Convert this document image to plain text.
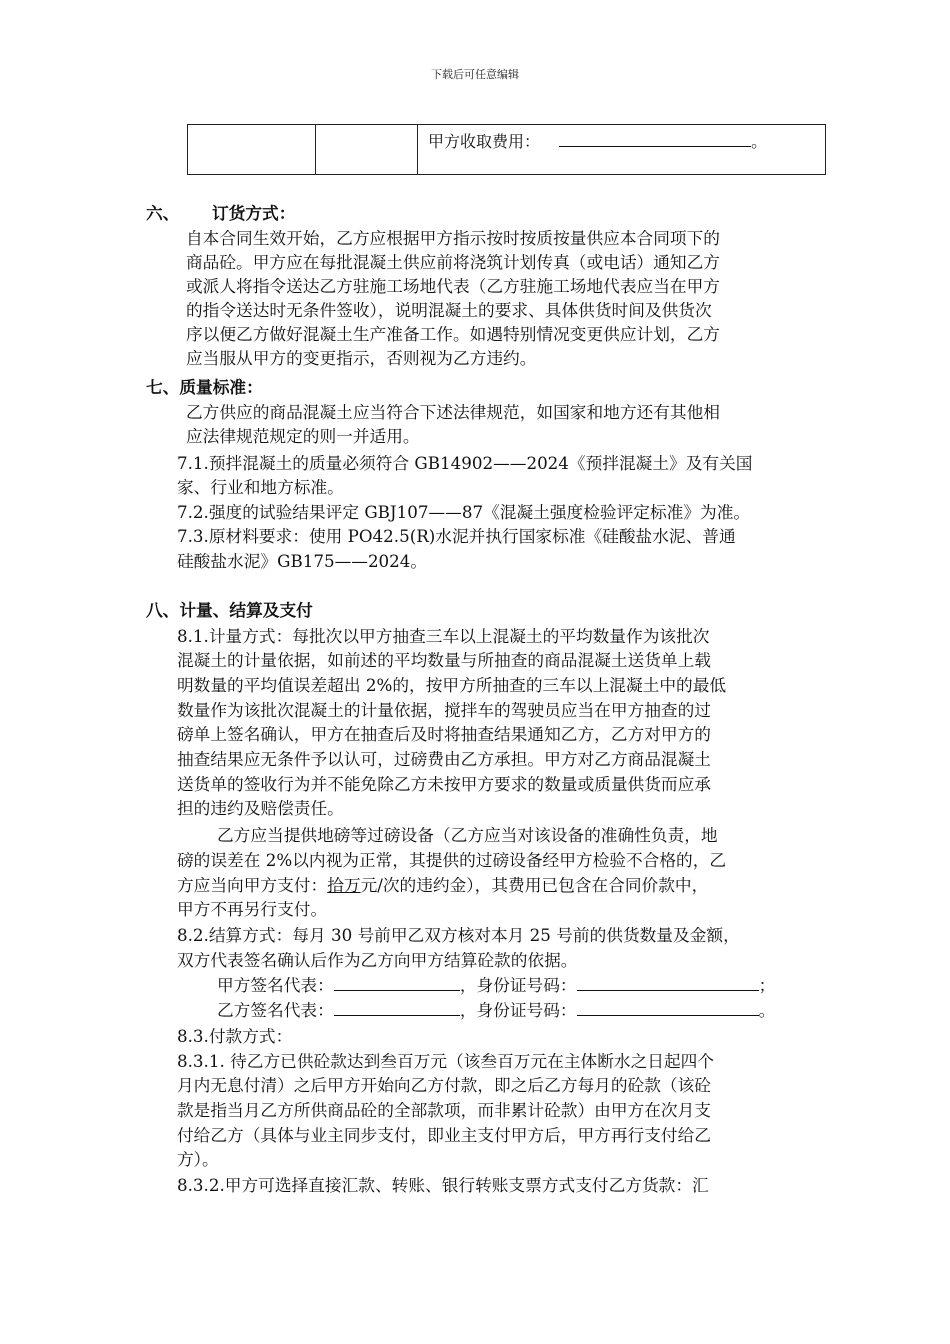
下载后可任意编辑
		甲方收取费用：	。
六、 订货方式：
自本合同生效开始，乙方应根据甲方指示按时按质按量供应本合同项下的
商品砼。甲方应在每批混凝土供应前将浇筑计划传真（或电话）通知乙方
或派人将指令送达乙方驻施工场地代表（乙方驻施工场地代表应当在甲方
的指令送达时无条件签收），说明混凝土的要求、具体供货时间及供货次
序以便乙方做好混凝土生产准备工作。如遇特别情况变更供应计划，乙方
应当服从甲方的变更指示，否则视为乙方违约。
七、质量标准：
乙方供应的商品混凝土应当符合下述法律规范，如国家和地方还有其他相
应法律规范规定的则一并适用。
7.1.预拌混凝土的质量必须符合 GB14902——2024《预拌混凝土》及有关国
家、行业和地方标准。
7.2.强度的试验结果评定 GBJ107——87《混凝土强度检验评定标准》为准。
7.3.原材料要求：使用 PO42.5(R)水泥并执行国家标准《硅酸盐水泥、普通
硅酸盐水泥》GB175——2024。
八、计量、结算及支付
8.1.计量方式：每批次以甲方抽查三车以上混凝土的平均数量作为该批次
混凝土的计量依据，如前述的平均数量与所抽查的商品混凝土送货单上载
明数量的平均值误差超出 2%的，按甲方所抽查的三车以上混凝土中的最低
数量作为该批次混凝土的计量依据，搅拌车的驾驶员应当在甲方抽查的过
磅单上签名确认，甲方在抽查后及时将抽查结果通知乙方，乙方对甲方的
抽查结果应无条件予以认可，过磅费由乙方承担。甲方对乙方商品混凝土
送货单的签收行为并不能免除乙方未按甲方要求的数量或质量供货而应承
担的违约及赔偿责任。
乙方应当提供地磅等过磅设备（乙方应当对该设备的准确性负责，地
磅的误差在 2%以内视为正常，其提供的过磅设备经甲方检验不合格的，乙
方应当向甲方支付：拾万元/次的违约金），其费用已包含在合同价款中，
甲方不再另行支付。
8.2.结算方式：每月 30 号前甲乙双方核对本月 25 号前的供货数量及金额，
双方代表签名确认后作为乙方向甲方结算砼款的依据。
甲方签名代表：	，身份证号码：	；
乙方签名代表：	，身份证号码：	。
8.3.付款方式：
8.3.1. 待乙方已供砼款达到叁百万元（该叁百万元在主体断水之日起四个
月内无息付清）之后甲方开始向乙方付款，即之后乙方每月的砼款（该砼
款是指当月乙方所供商品砼的全部款项，而非累计砼款）由甲方在次月支
付给乙方（具体与业主同步支付，即业主支付甲方后，甲方再行支付给乙
方）。
8.3.2.甲方可选择直接汇款、转账、银行转账支票方式支付乙方货款：汇
